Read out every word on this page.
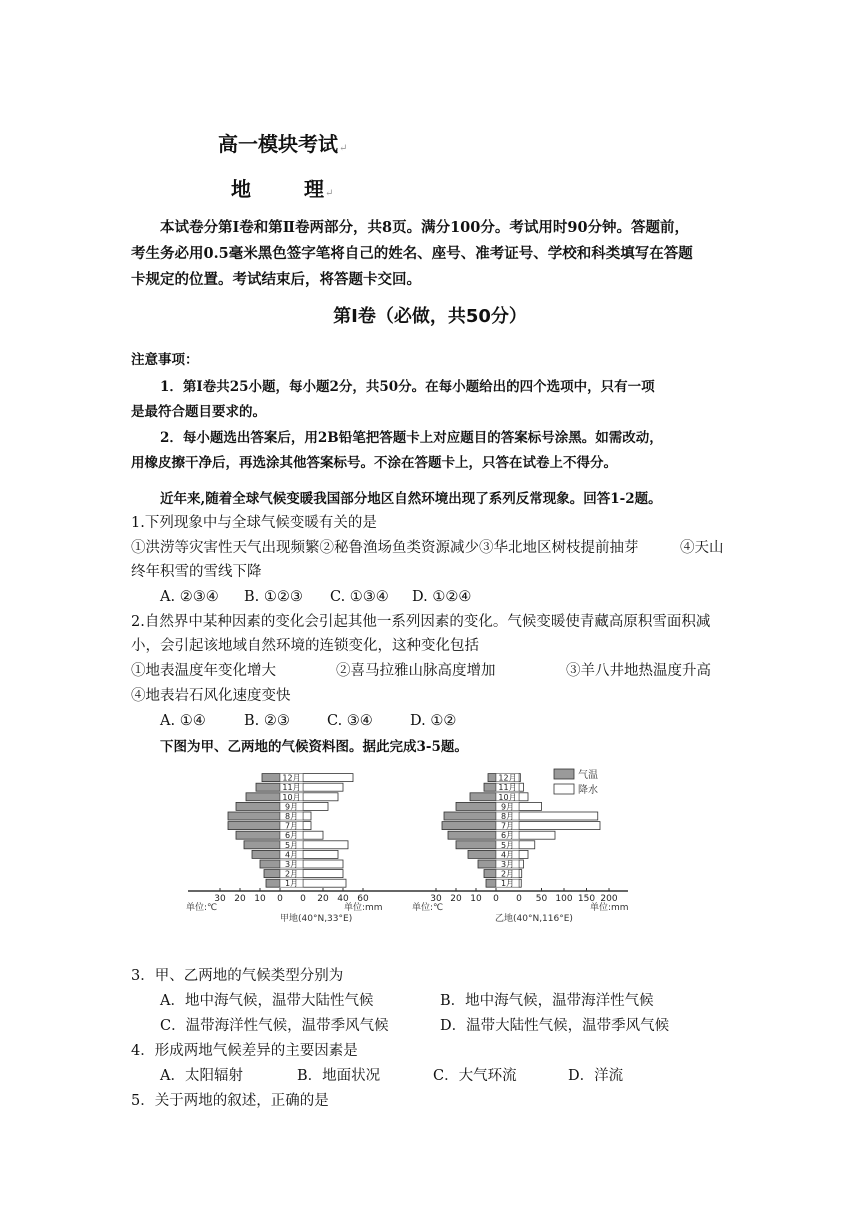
高一模块考试↵
地	理↵
本试卷分第Ⅰ卷和第Ⅱ卷两部分，共8页。满分100分。考试用时90分钟。答题前，
考生务必用0.5毫米黑色签字笔将自己的姓名、座号、准考证号、学校和科类填写在答题
卡规定的位置。考试结束后，将答题卡交回。
第Ⅰ卷（必做，共50分）
注意事项：
1．第Ⅰ卷共25小题，每小题2分，共50分。在每小题给出的四个选项中，只有一项
是最符合题目要求的。
2．每小题选出答案后，用2B铅笔把答题卡上对应题目的答案标号涂黑。如需改动，
用橡皮擦干净后，再选涂其他答案标号。不涂在答题卡上，只答在试卷上不得分。
近年来,随着全球气候变暖我国部分地区自然环境出现了系列反常现象。回答1-2题。
1.下列现象中与全球气候变暖有关的是
①洪涝等灾害性天气出现频繁②秘鲁渔场鱼类资源减少③华北地区树枝提前抽芽	④天山
终年积雪的雪线下降
A. ②③④ B. ①②③ C. ①③④ D. ①②④
2.自然界中某种因素的变化会引起其他一系列因素的变化。气候变暖使青藏高原积雪面积减
小，会引起该地域自然环境的连锁变化，这种变化包括
①地表温度年变化增大	②喜马拉雅山脉高度增加	③羊八井地热温度升高
④地表岩石风化速度变快
A. ①④	B. ②③	C. ③④	D. ①②
下图为甲、乙两地的气候资料图。据此完成3-5题。
1月
2月
3月
4月
5月
6月
7月
8月
9月
10月
11月
12月
30 20 10 0 0 20 40 60
1月
2月
3月
4月
5月
6月
7月
8月
9月
10月
11月
12月
30 20 10 0 0 50 100 150 200
气温
降水
单位:℃	单位:mm
甲地(40°N,33°E)
单位:℃	单位:mm
乙地(40°N,116°E)
3．甲、乙两地的气候类型分别为
A．地中海气候，温带大陆性气候	B．地中海气候，温带海洋性气候
C．温带海洋性气候，温带季风气候	D．温带大陆性气候，温带季风气候
4．形成两地气候差异的主要因素是
A．太阳辐射	B．地面状况	C．大气环流	D．洋流
5．关于两地的叙述，正确的是
